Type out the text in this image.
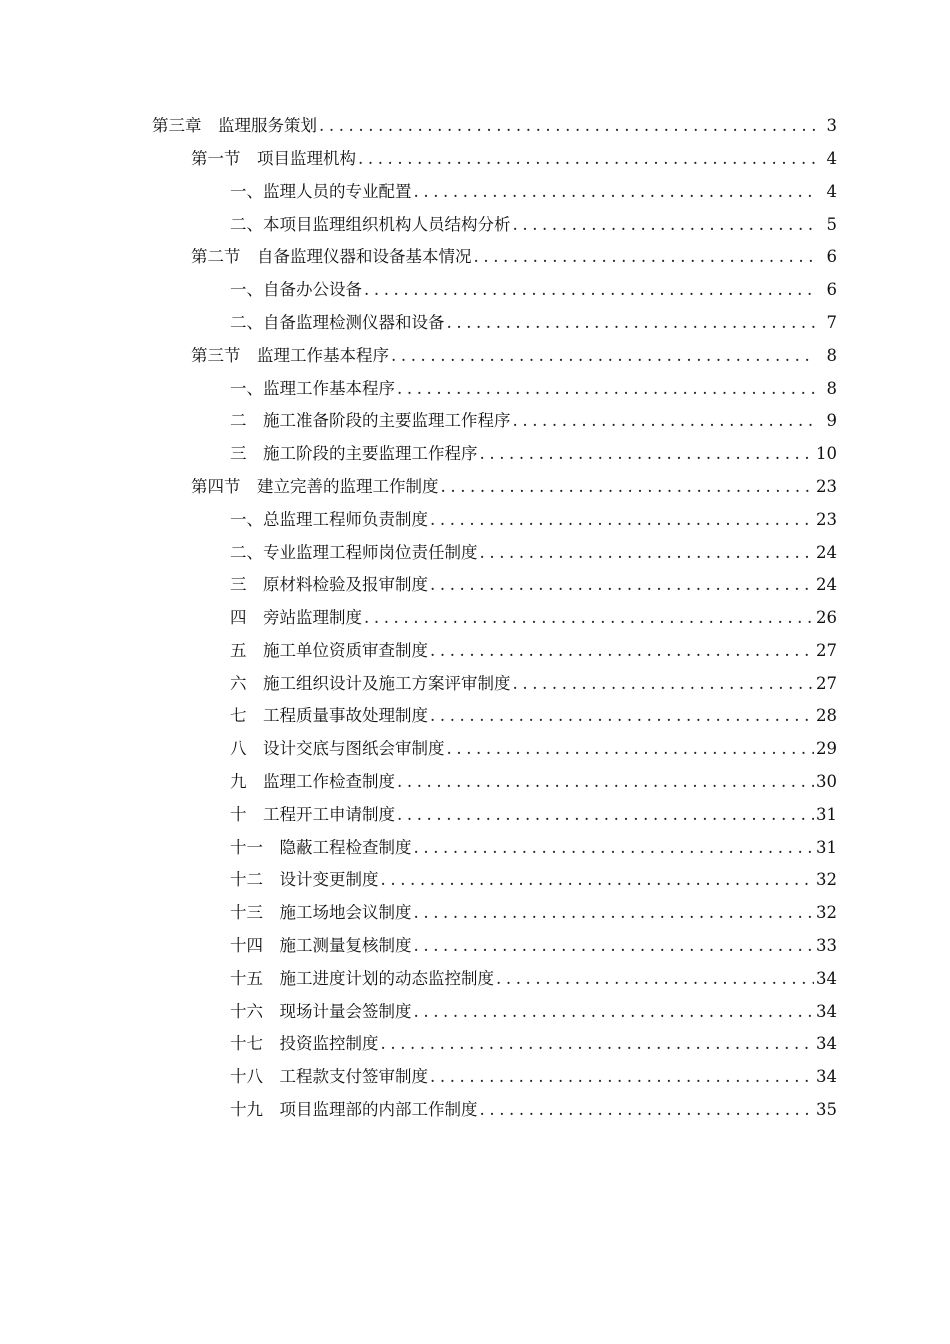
第三章　监理服务策划 .....	3
第一节　项目监理机构 .....	4
一、监理人员的专业配置 .....	4
二、本项目监理组织机构人员结构分析 .....	5
第二节　自备监理仪器和设备基本情况 .....	6
一、自备办公设备 .....	6
二、自备监理检测仪器和设备 .....	7
第三节　监理工作基本程序 .....	8
一、监理工作基本程序 .....	8
二　施工准备阶段的主要监理工作程序 .....	9
三　施工阶段的主要监理工作程序 .....	10
第四节　建立完善的监理工作制度 .....	23
一、总监理工程师负责制度 .....	23
二、专业监理工程师岗位责任制度 .....	24
三　原材料检验及报审制度 .....	24
四　旁站监理制度 .....	26
五　施工单位资质审查制度 .....	27
六　施工组织设计及施工方案评审制度 .....	27
七　工程质量事故处理制度 .....	28
八　设计交底与图纸会审制度 .....	29
九　监理工作检查制度 .....	30
十　工程开工申请制度 .....	31
十一　隐蔽工程检查制度 .....	31
十二　设计变更制度 .....	32
十三　施工场地会议制度 .....	32
十四　施工测量复核制度 .....	33
十五　施工进度计划的动态监控制度 .....	34
十六　现场计量会签制度 .....	34
十七　投资监控制度 .....	34
十八　工程款支付签审制度 .....	34
十九　项目监理部的内部工作制度 .....	35
